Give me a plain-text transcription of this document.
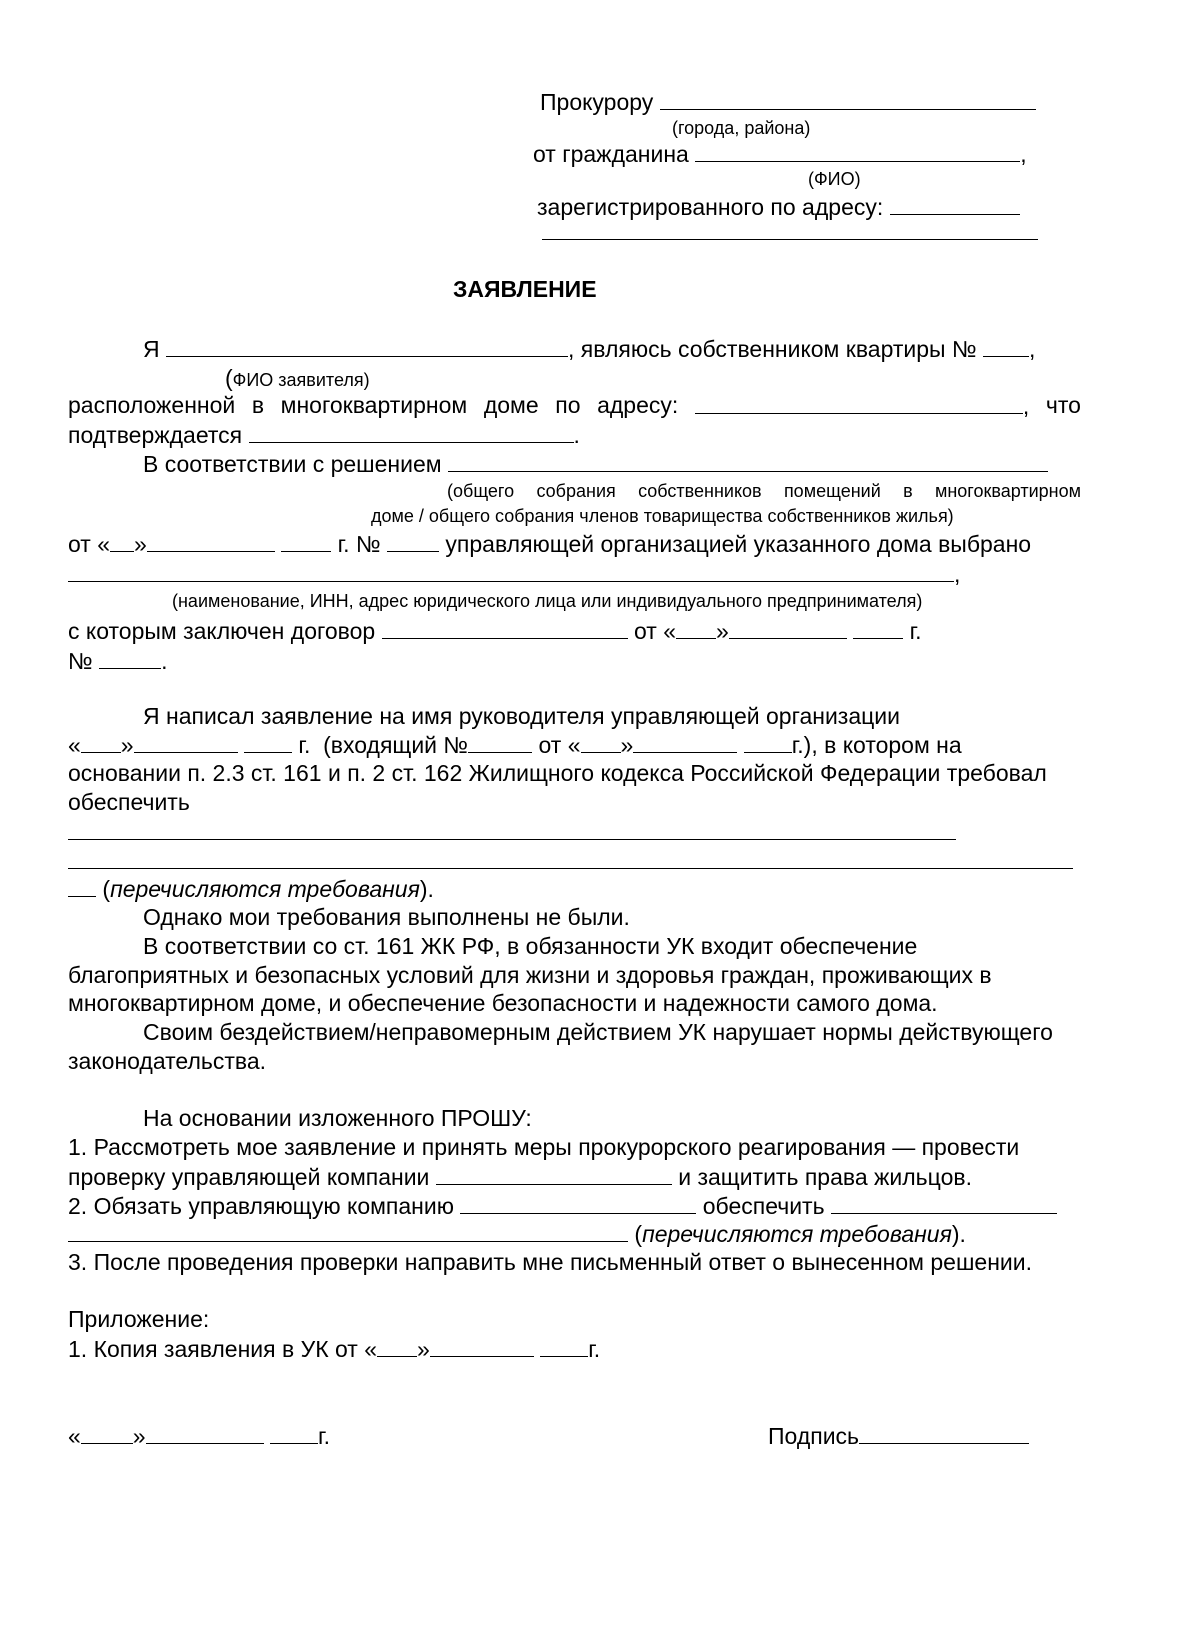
Прокурору
(города, района)
от гражданина	,
(ФИО)
зарегистрированного по адресу:
ЗАЯВЛЕНИЕ
Я	, являюсь собственником квартиры № ,
(ФИО заявителя)
расположенной в многоквартирном доме по адресу:	, что
подтверждается	.
В соответствии с решением
(общего собрания собственников помещений в многоквартирном
доме / общего собрания членов товарищества собственников жилья)
от « »	г. №	управляющей организацией указанного дома выбрано
,
(наименование, ИНН, адрес юридического лица или индивидуального предпринимателя)
с которым заключен договор	от « »	г.
№	.
Я написал заявление на имя руководителя управляющей организации
« »	г.  (входящий №	от « »	г.), в котором на
основании п. 2.3 ст. 161 и п. 2 ст. 162 Жилищного кодекса Российской Федерации требовал
обеспечить
(перечисляются требования).
Однако мои требования выполнены не были.
В соответствии со ст. 161 ЖК РФ, в обязанности УК входит обеспечение
благоприятных и безопасных условий для жизни и здоровья граждан, проживающих в
многоквартирном доме, и обеспечение безопасности и надежности самого дома.
Своим бездействием/неправомерным действием УК нарушает нормы действующего
законодательства.
На основании изложенного ПРОШУ:
1. Рассмотреть мое заявление и принять меры прокурорского реагирования — провести
проверку управляющей компании	и защитить права жильцов.
2. Обязать управляющую компанию	обеспечить
(перечисляются требования).
3. После проведения проверки направить мне письменный ответ о вынесенном решении.
Приложение:
1. Копия заявления в УК от « »	г.
« »	г.	Подпись
